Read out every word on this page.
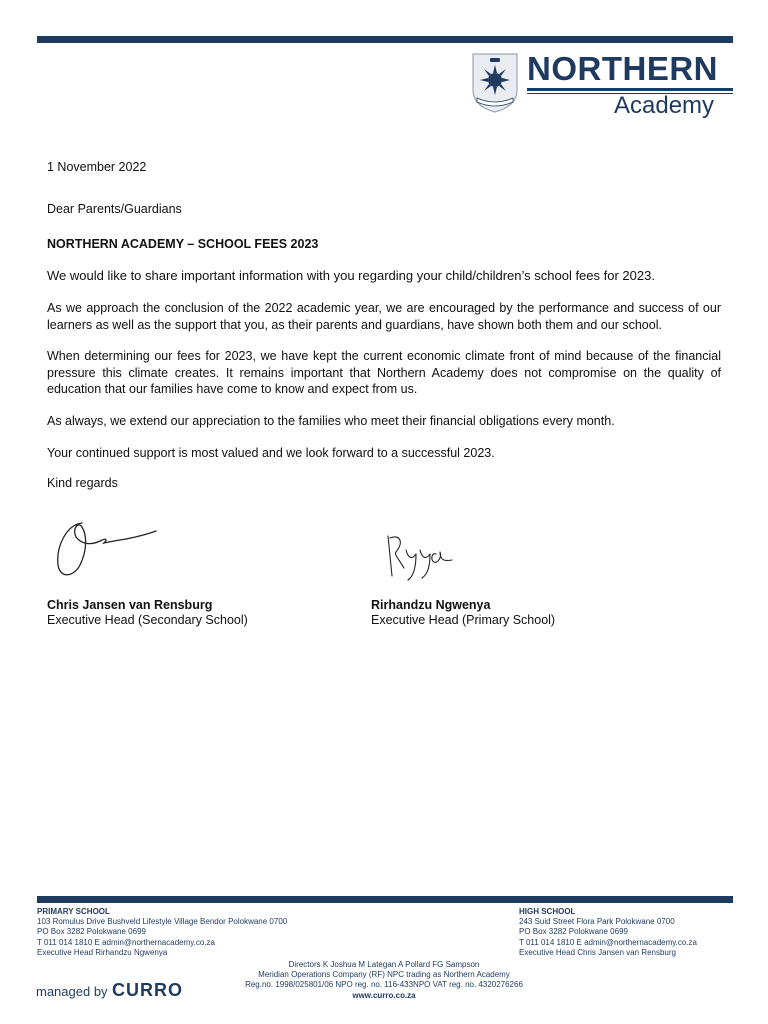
NORTHERN
Academy
1 November 2022
Dear Parents/Guardians
NORTHERN ACADEMY – SCHOOL FEES 2023

We would like to share important information with you regarding your child/children’s school fees for 2023.

As we approach the conclusion of the 2022 academic year, we are encouraged by the performance and success of our learners as well as the support that you, as their parents and guardians, have shown both them and our school.

When determining our fees for 2023, we have kept the current economic climate front of mind because of the financial pressure this climate creates. It remains important that Northern Academy does not compromise on the quality of education that our families have come to know and expect from us.

As always, we extend our appreciation to the families who meet their financial obligations every month.

Your continued support is most valued and we look forward to a successful 2023.

Kind regards
Chris Jansen van Rensburg
Executive Head (Secondary School)
Rirhandzu Ngwenya
Executive Head (Primary School)
PRIMARY SCHOOL
103 Romulus Drive Bushveld Lifestyle Village Bendor Polokwane 0700
PO Box 3282 Polokwane 0699
T 011 014 1810 E admin@northernacademy.co.za
Executive Head Rirhandzu Ngwenya
HIGH SCHOOL
243 Suid Street Flora Park Polokwane 0700
PO Box 3282 Polokwane 0699
T 011 014 1810 E admin@northernacademy.co.za
Executive Head Chris Jansen van Rensburg
Directors K Joshua M Lategan A Pollard FG Sampson
Meridian Operations Company (RF) NPC trading as Northern Academy
Reg.no. 1998/025801/06 NPO reg. no. 116-433NPO VAT reg. no. 4320276266
www.curro.co.za
managed by CURRO
